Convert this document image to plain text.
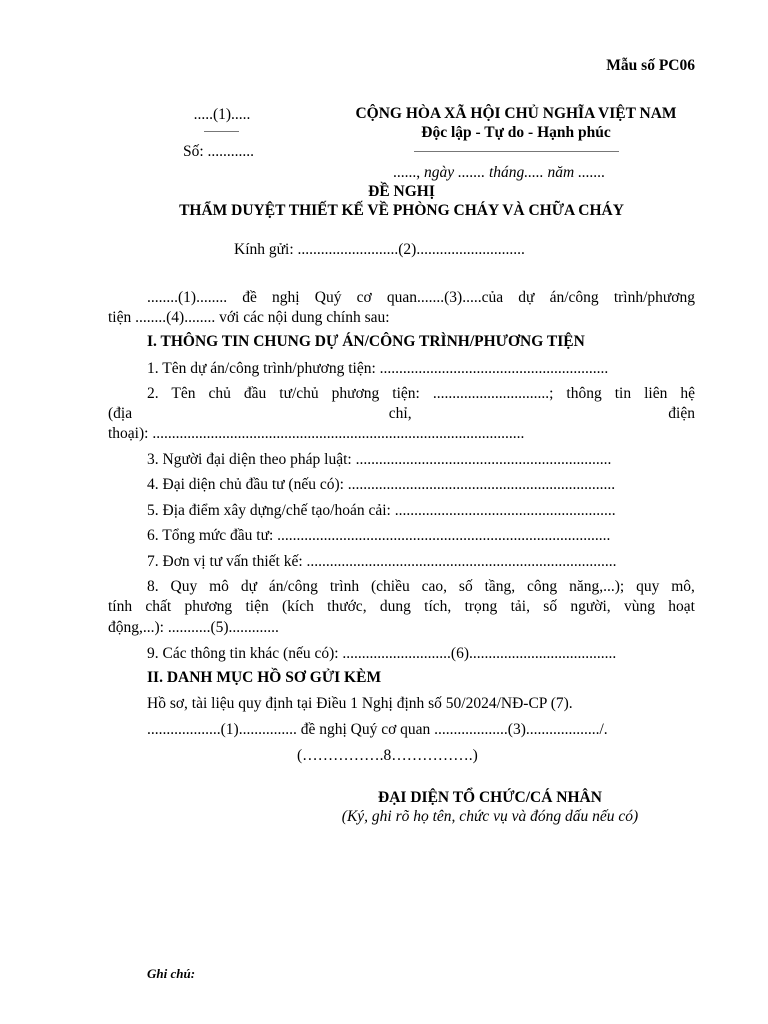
Mẫu số PC06
.....(1).....
Số: ............
CỘNG HÒA XÃ HỘI CHỦ NGHĨA VIỆT NAM
Độc lập - Tự do - Hạnh phúc
......, ngày ....... tháng..... năm .......
ĐỀ NGHỊ
THẨM DUYỆT THIẾT KẾ VỀ PHÒNG CHÁY VÀ CHỮA CHÁY
Kính gửi: ..........................(2)............................
........(1)........ đề nghị Quý cơ quan.......(3).....của dự án/công trình/phương
tiện ........(4)........ với các nội dung chính sau:
I. THÔNG TIN CHUNG DỰ ÁN/CÔNG TRÌNH/PHƯƠNG TIỆN
1. Tên dự án/công trình/phương tiện: ...........................................................
2. Tên chủ đầu tư/chủ phương tiện: ..............................; thông tin liên hệ
(địa	chỉ,	điện
thoại): ................................................................................................
3. Người đại diện theo pháp luật: ..................................................................
4. Đại diện chủ đầu tư (nếu có): .....................................................................
5. Địa điểm xây dựng/chế tạo/hoán cải: .........................................................
6. Tổng mức đầu tư: ......................................................................................
7. Đơn vị tư vấn thiết kế: ................................................................................
8. Quy mô dự án/công trình (chiều cao, số tầng, công năng,...); quy mô,
tính chất phương tiện (kích thước, dung tích, trọng tải, số người, vùng hoạt
động,...): ...........(5).............
9. Các thông tin khác (nếu có): ............................(6)......................................
II. DANH MỤC HỒ SƠ GỬI KÈM
Hồ sơ, tài liệu quy định tại Điều 1 Nghị định số 50/2024/NĐ-CP (7).
...................(1)............... đề nghị Quý cơ quan ...................(3).................../.
(…………….8…………….)
ĐẠI DIỆN TỔ CHỨC/CÁ NHÂN
(Ký, ghi rõ họ tên, chức vụ và đóng dấu nếu có)
Ghi chú:
